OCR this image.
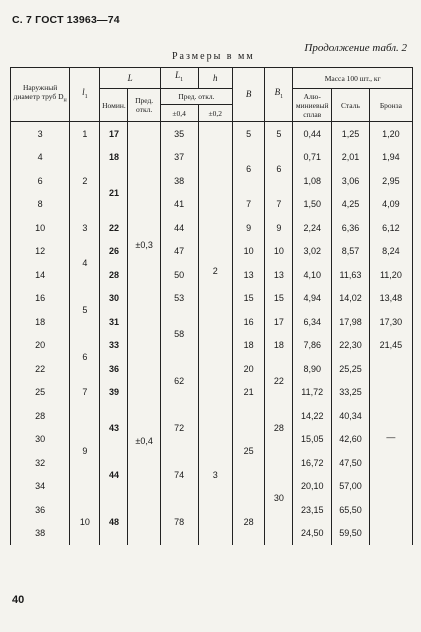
С. 7 ГОСТ 13963—74
Продолжение табл. 2
Размеры в мм
Наружный диаметр труб $D_н$	$l_1$	L		$L_1$	h	B	$B_1$	Масса 100 шт., кг		
		Номин.	Пред. откл.	Пред. откл.				Алю-миниевый сплав	Сталь	Бронза
				±0,4	±0,2					
3	1	17	±0,3	35	2	5	5	0,44	1,25	1,20
4	2	18		37		6	6	0,71	2,01	1,94
6		21		38				1,08	3,06	2,95
8				41		7	7	1,50	4,25	4,09
10	3	22		44		9	9	2,24	6,36	6,12
12	4	26		47		10	10	3,02	8,57	8,24
14		28		50		13	13	4,10	11,63	11,20
16	5	30		53		15	15	4,94	14,02	13,48
18		31		58		16	17	6,34	17,98	17,30
20	6	33				18	18	7,86	22,30	21,45
22		36	±0,4	62		20	22	8,90	25,25	—
25	7	39			3	21		11,72	33,25	
28	9	43		72		25	28	14,22	40,34	
30								15,05	42,60	
32		44		74			30	16,72	47,50	
34								20,10	57,00	
36	10	48		78		28		23,15	65,50	
38								24,50	59,50	
40
